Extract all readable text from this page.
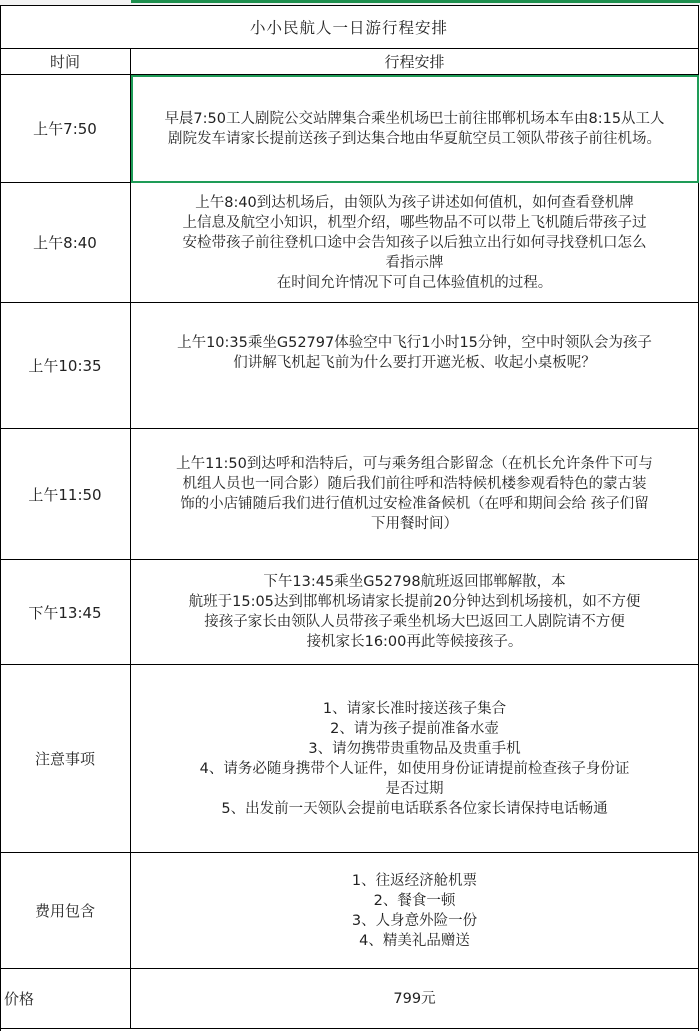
小小民航人一日游行程安排
时间	行程安排
上午7:50
早晨7:50工人剧院公交站牌集合乘坐机场巴士前往邯郸机场本车由8:15从工人
剧院发车请家长提前送孩子到达集合地由华夏航空员工领队带孩子前往机场。
上午8:40
上午8:40到达机场后，由领队为孩子讲述如何值机，如何查看登机牌
上信息及航空小知识，机型介绍，哪些物品不可以带上飞机随后带孩子过
安检带孩子前往登机口途中会告知孩子以后独立出行如何寻找登机口怎么
看指示牌
在时间允许情况下可自己体验值机的过程。
上午10:35
上午10:35乘坐G52797体验空中飞行1小时15分钟，空中时领队会为孩子
们讲解飞机起飞前为什么要打开遮光板、收起小桌板呢？
上午11:50
上午11:50到达呼和浩特后，可与乘务组合影留念（在机长允许条件下可与
机组人员也一同合影）随后我们前往呼和浩特候机楼参观看特色的蒙古装
饰的小店铺随后我们进行值机过安检准备候机（在呼和期间会给 孩子们留
下用餐时间）
下午13:45
下午13:45乘坐G52798航班返回邯郸解散，本
航班于15:05达到邯郸机场请家长提前20分钟达到机场接机，如不方便
接孩子家长由领队人员带孩子乘坐机场大巴返回工人剧院请不方便
接机家长16:00再此等候接孩子。
注意事项
1、请家长准时接送孩子集合
2、请为孩子提前准备水壶
3、请勿携带贵重物品及贵重手机
4、请务必随身携带个人证件，如使用身份证请提前检查孩子身份证
是否过期
5、出发前一天领队会提前电话联系各位家长请保持电话畅通
费用包含
1、往返经济舱机票
2、餐食一顿
3、人身意外险一份
4、精美礼品赠送
价格	799元
